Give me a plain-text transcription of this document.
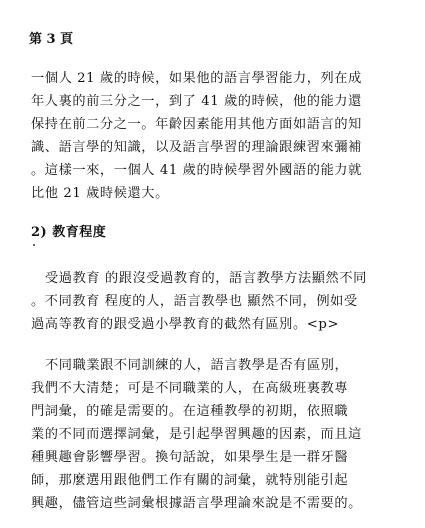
第 3 頁
一個人 21 歲的時候，如果他的語言學習能力，列在成
年人裏的前三分之一，到了 41 歲的時候，他的能力還
保持在前二分之一。年齡因素能用其他方面如語言的知
識、語言學的知識，以及語言學習的理論跟練習來彌補
。這樣一來，一個人 41 歲的時候學習外國語的能力就
比他 21 歲時候還大。
2) 教育程度
受過教育 的跟沒受過教育的，語言教學方法顯然不同
。不同教育 程度的人，語言教學也 顯然不同，例如受
過高等教育的跟受過小學教育的截然有區別。<p>
不同職業跟不同訓練的人，語言教學是否有區別，
我們不大清楚；可是不同職業的人，在高級班裏教專
門詞彙，的確是需要的。在這種教學的初期，依照職
業的不同而選擇詞彙，是引起學習興趣的因素，而且這
種興趣會影響學習。換句話說，如果學生是一群牙醫
師，那麼選用跟他們工作有關的詞彙，就特別能引起
興趣，儘管這些詞彙根據語言學理論來說是不需要的。
